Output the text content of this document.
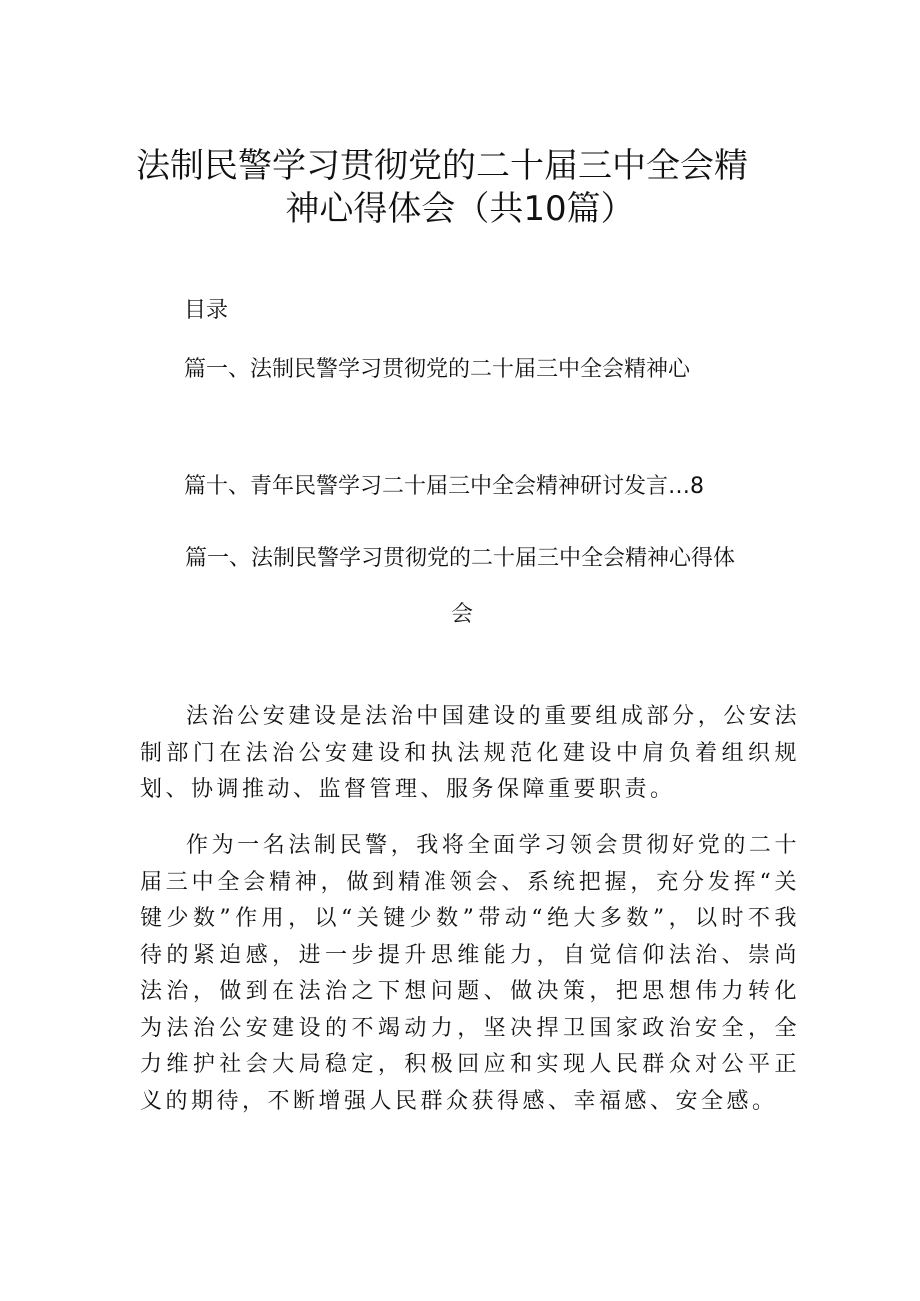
法制民警学习贯彻党的二十届三中全会精
神心得体会（共10篇）
目录
篇一、法制民警学习贯彻党的二十届三中全会精神心
篇十、青年民警学习二十届三中全会精神研讨发言…8
篇一、法制民警学习贯彻党的二十届三中全会精神心得体
会
法治公安建设是法治中国建设的重要组成部分，公安法制部门在法治公安建设和执法规范化建设中肩负着组织规划、协调推动、监督管理、服务保障重要职责。
作为一名法制民警，我将全面学习领会贯彻好党的二十届三中全会精神，做到精准领会、系统把握，充分发挥“关键少数”作用，以“关键少数”带动“绝大多数”，以时不我待的紧迫感，进一步提升思维能力，自觉信仰法治、崇尚法治，做到在法治之下想问题、做决策，把思想伟力转化为法治公安建设的不竭动力，坚决捍卫国家政治安全，全力维护社会大局稳定，积极回应和实现人民群众对公平正义的期待，不断增强人民群众获得感、幸福感、安全感。
